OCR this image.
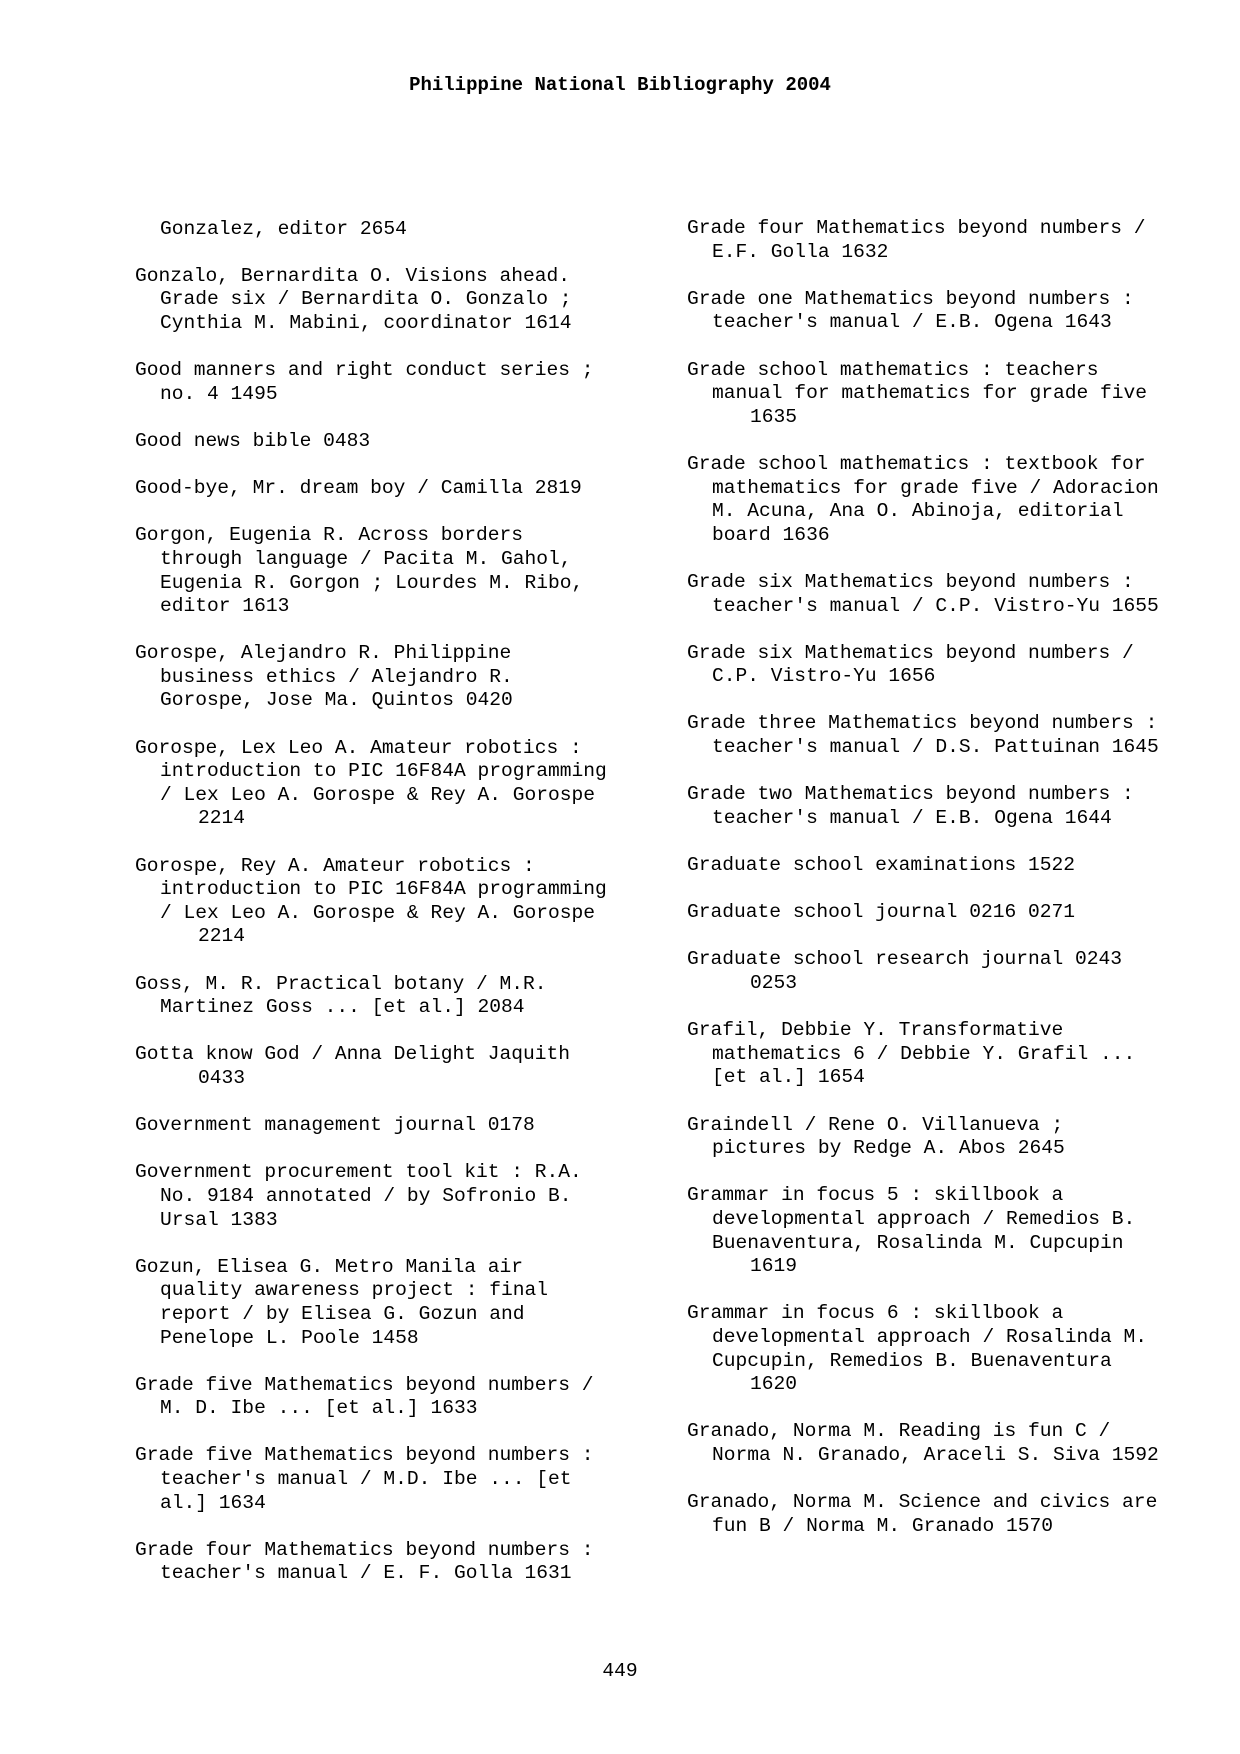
Philippine National Bibliography 2004

Gonzalez, editor 2654
Gonzalo, Bernardita O. Visions ahead.
Grade six / Bernardita O. Gonzalo ;
Cynthia M. Mabini, coordinator 1614
Good manners and right conduct series ;
no. 4 1495
Good news bible 0483
Good-bye, Mr. dream boy / Camilla 2819
Gorgon, Eugenia R. Across borders
through language / Pacita M. Gahol,
Eugenia R. Gorgon ; Lourdes M. Ribo,
editor 1613
Gorospe, Alejandro R. Philippine
business ethics / Alejandro R.
Gorospe, Jose Ma. Quintos 0420
Gorospe, Lex Leo A. Amateur robotics :
introduction to PIC 16F84A programming
/ Lex Leo A. Gorospe & Rey A. Gorospe
2214
Gorospe, Rey A. Amateur robotics :
introduction to PIC 16F84A programming
/ Lex Leo A. Gorospe & Rey A. Gorospe
2214
Goss, M. R. Practical botany / M.R.
Martinez Goss ... [et al.] 2084
Gotta know God / Anna Delight Jaquith
0433
Government management journal 0178
Government procurement tool kit : R.A.
No. 9184 annotated / by Sofronio B.
Ursal 1383
Gozun, Elisea G. Metro Manila air
quality awareness project : final
report / by Elisea G. Gozun and
Penelope L. Poole 1458
Grade five Mathematics beyond numbers /
M. D. Ibe ... [et al.] 1633
Grade five Mathematics beyond numbers :
teacher's manual / M.D. Ibe ... [et
al.] 1634
Grade four Mathematics beyond numbers :
teacher's manual / E. F. Golla 1631
Grade four Mathematics beyond numbers /
E.F. Golla 1632
Grade one Mathematics beyond numbers :
teacher's manual / E.B. Ogena 1643
Grade school mathematics : teachers
manual for mathematics for grade five
1635
Grade school mathematics : textbook for
mathematics for grade five / Adoracion
M. Acuna, Ana O. Abinoja, editorial
board 1636
Grade six Mathematics beyond numbers :
teacher's manual / C.P. Vistro-Yu 1655
Grade six Mathematics beyond numbers /
C.P. Vistro-Yu 1656
Grade three Mathematics beyond numbers :
teacher's manual / D.S. Pattuinan 1645
Grade two Mathematics beyond numbers :
teacher's manual / E.B. Ogena 1644
Graduate school examinations 1522
Graduate school journal 0216 0271
Graduate school research journal 0243
0253
Grafil, Debbie Y. Transformative
mathematics 6 / Debbie Y. Grafil ...
[et al.] 1654
Graindell / Rene O. Villanueva ;
pictures by Redge A. Abos 2645
Grammar in focus 5 : skillbook a
developmental approach / Remedios B.
Buenaventura, Rosalinda M. Cupcupin
1619
Grammar in focus 6 : skillbook a
developmental approach / Rosalinda M.
Cupcupin, Remedios B. Buenaventura
1620
Granado, Norma M. Reading is fun C /
Norma N. Granado, Araceli S. Siva 1592
Granado, Norma M. Science and civics are
fun B / Norma M. Granado 1570
449
